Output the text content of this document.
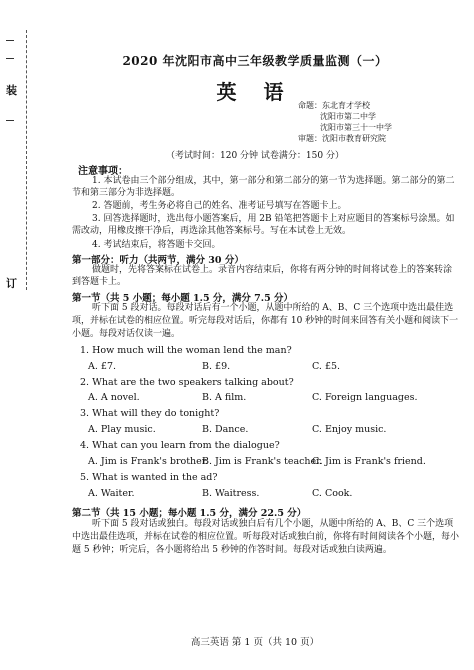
装
订
2020 年沈阳市高中三年级教学质量监测（一）
英 语
命题：东北育才学校
沈阳市第二中学
沈阳市第三十一中学
审题：沈阳市教育研究院
（考试时间：120 分钟 试卷满分：150 分）
注意事项：
1. 本试卷由三个部分组成，其中，第一部分和第二部分的第一节为选择题。第二部分的第二节和第三部分为非选择题。
2. 答题前，考生务必将自己的姓名、准考证号填写在答题卡上。
3. 回答选择题时，选出每小题答案后，用 2B 铅笔把答题卡上对应题目的答案标号涂黑。如需改动，用橡皮擦干净后，再选涂其他答案标号。写在本试卷上无效。
4. 考试结束后，将答题卡交回。
第一部分：听力（共两节，满分 30 分）
做题时，先将答案标在试卷上。录音内容结束后，你将有两分钟的时间将试卷上的答案转涂到答题卡上。
第一节（共 5 小题；每小题 1.5 分，满分 7.5 分）
听下面 5 段对话。每段对话后有一个小题，从题中所给的 A、B、C 三个选项中选出最佳选项，并标在试卷的相应位置。听完每段对话后，你都有 10 秒钟的时间来回答有关小题和阅读下一小题。每段对话仅读一遍。
1. How much will the woman lend the man?
A. £7.	B. £9.	C. £5.
2. What are the two speakers talking about?
A. A novel.	B. A film.	C. Foreign languages.
3. What will they do tonight?
A. Play music.	B. Dance.	C. Enjoy music.
4. What can you learn from the dialogue?
A. Jim is Frank's brother.
B. Jim is Frank's teacher.
C. Jim is Frank's friend.
5. What is wanted in the ad?
A. Waiter.	B. Waitress.	C. Cook.
第二节（共 15 小题；每小题 1.5 分，满分 22.5 分）
听下面 5 段对话或独白。每段对话或独白后有几个小题，从题中所给的 A、B、C 三个选项中选出最佳选项，并标在试卷的相应位置。听每段对话或独白前，你将有时间阅读各个小题，每小题 5 秒钟；听完后，各小题将给出 5 秒钟的作答时间。每段对话或独白读两遍。
高三英语 第 1 页（共 10 页）
